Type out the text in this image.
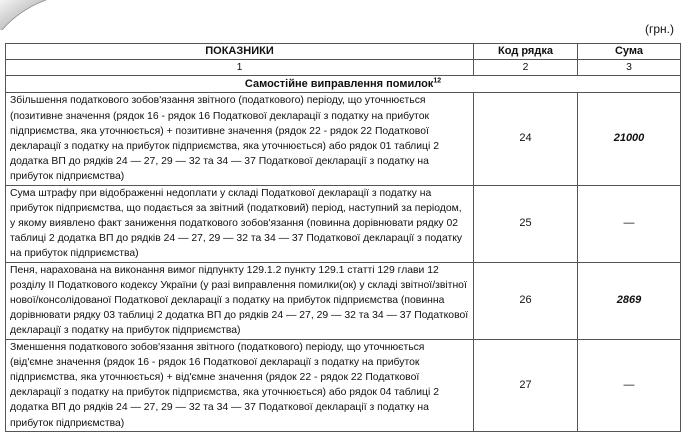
(грн.)
ПОКАЗНИКИ	Код рядка	Сума
1	2	3
Самостійне виправлення помилок$^{12}$
Збільшення податкового зобов'язання звітного (податкового) періоду, що уточнюється (позитивне значення (рядок 16 - рядок 16 Податкової декларації з податку на прибуток підприємства, яка уточнюється) + позитивне значення (рядок 22 - рядок 22 Податкової декларації з податку на прибуток підприємства, яка уточнюється) або рядок 01 таблиці 2 додатка ВП до рядків 24 — 27, 29 — 32 та 34 — 37 Податкової декларації з податку на прибуток підприємства)	24	21000
Сума штрафу при відображенні недоплати у складі Податкової декларації з податку на прибуток підприємства, що подається за звітний (податковий) період, наступний за періодом, у якому виявлено факт заниження податкового зобов'язання (повинна дорівнювати рядку 02 таблиці 2 додатка ВП до рядків 24 — 27, 29 — 32 та 34 — 37 Податкової декларації з податку на прибуток підприємства)	25	—
Пеня, нарахована на виконання вимог підпункту 129.1.2 пункту 129.1 статті 129 глави 12 розділу II Податкового кодексу України (у разі виправлення помилки(ок) у складі звітної/звітної нової/консолідованої Податкової декларації з податку на прибуток підприємства (повинна дорівнювати рядку 03 таблиці 2 додатка ВП до рядків 24 — 27, 29 — 32 та 34 — 37 Податкової декларації з податку на прибуток підприємства)	26	2869
Зменшення податкового зобов'язання звітного (податкового) періоду, що уточнюється (від'ємне значення (рядок 16 - рядок 16 Податкової декларації з податку на прибуток підприємства, яка уточнюється) + від'ємне значення (рядок 22 - рядок 22 Податкової декларації з податку на прибуток підприємства, яка уточнюється) або рядок 04 таблиці 2 додатка ВП до рядків 24 — 27, 29 — 32 та 34 — 37 Податкової декларації з податку на прибуток підприємства)	27	—
